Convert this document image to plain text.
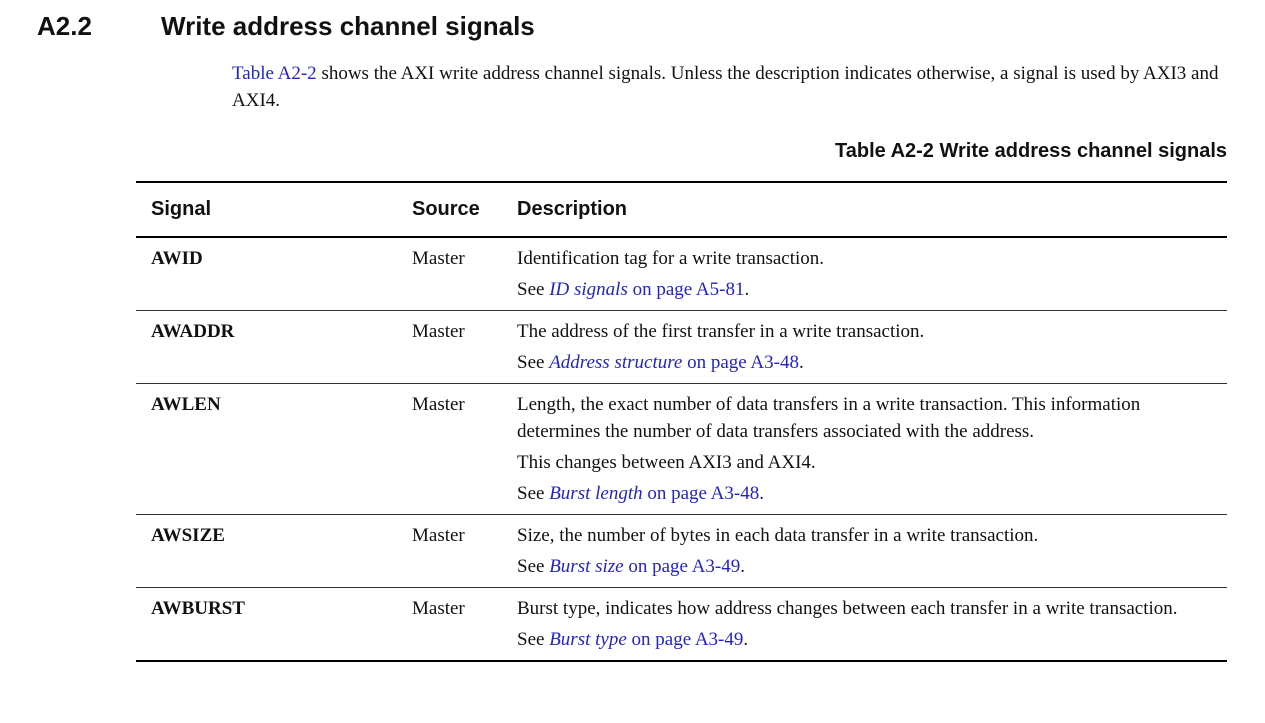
A2.2	Write address channel signals
Table A2-2 shows the AXI write address channel signals. Unless the description indicates otherwise, a signal is used by AXI3 and AXI4.
Table A2-2 Write address channel signals
Signal	Source	Description
AWID	Master	Identification tag for a write transaction.
See ID signals on page A5-81.

AWADDR	Master	The address of the first transfer in a write transaction.
See Address structure on page A3-48.

AWLEN	Master	Length, the exact number of data transfers in a write transaction. This information determines the number of data transfers associated with the address.
This changes between AXI3 and AXI4.
See Burst length on page A3-48.

AWSIZE	Master	Size, the number of bytes in each data transfer in a write transaction.
See Burst size on page A3-49.

AWBURST	Master	Burst type, indicates how address changes between each transfer in a write transaction.
See Burst type on page A3-49.
